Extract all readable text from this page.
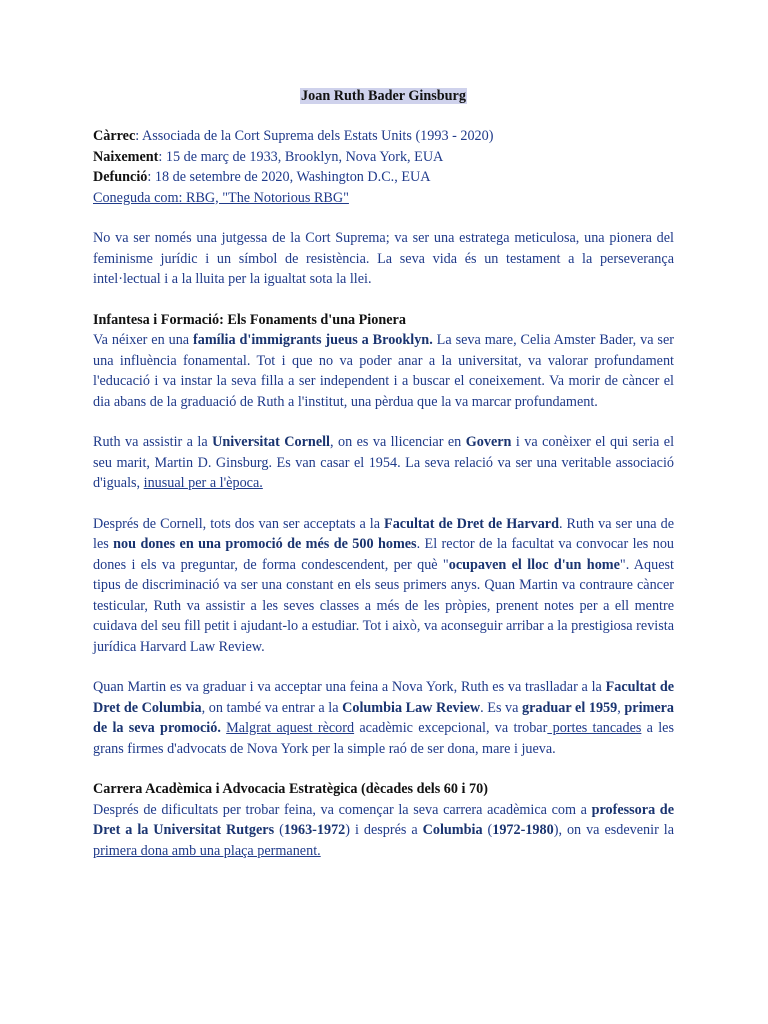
Joan Ruth Bader Ginsburg

Càrrec: Associada de la Cort Suprema dels Estats Units (1993 - 2020)

Naixement: 15 de març de 1933, Brooklyn, Nova York, EUA

Defunció: 18 de setembre de 2020, Washington D.C., EUA

Coneguda com: RBG, "The Notorious RBG"

No va ser només una jutgessa de la Cort Suprema; va ser una estratega meticulosa, una pionera del feminisme jurídic i un símbol de resistència. La seva vida és un testament a la perseverança intel·lectual i a la lluita per la igualtat sota la llei.

Infantesa i Formació: Els Fonaments d'una Pionera

Va néixer en una família d'immigrants jueus a Brooklyn. La seva mare, Celia Amster Bader, va ser una influència fonamental. Tot i que no va poder anar a la universitat, va valorar profundament l'educació i va instar la seva filla a ser independent i a buscar el coneixement. Va morir de càncer el dia abans de la graduació de Ruth a l'institut, una pèrdua que la va marcar profundament.

Ruth va assistir a la Universitat Cornell, on es va llicenciar en Govern i va conèixer el qui seria el seu marit, Martin D. Ginsburg. Es van casar el 1954. La seva relació va ser una veritable associació d'iguals, inusual per a l'època.

Després de Cornell, tots dos van ser acceptats a la Facultat de Dret de Harvard. Ruth va ser una de les nou dones en una promoció de més de 500 homes. El rector de la facultat va convocar les nou dones i els va preguntar, de forma condescendent, per què "ocupaven el lloc d'un home". Aquest tipus de discriminació va ser una constant en els seus primers anys. Quan Martin va contraure càncer testicular, Ruth va assistir a les seves classes a més de les pròpies, prenent notes per a ell mentre cuidava del seu fill petit i ajudant-lo a estudiar. Tot i això, va aconseguir arribar a la prestigiosa revista jurídica Harvard Law Review.

Quan Martin es va graduar i va acceptar una feina a Nova York, Ruth es va traslladar a la Facultat de Dret de Columbia, on també va entrar a la Columbia Law Review. Es va graduar el 1959, primera de la seva promoció. Malgrat aquest rècord acadèmic excepcional, va trobar portes tancades a les grans firmes d'advocats de Nova York per la simple raó de ser dona, mare i jueva.

Carrera Acadèmica i Advocacia Estratègica (dècades dels 60 i 70)

Després de dificultats per trobar feina, va començar la seva carrera acadèmica com a professora de Dret a la Universitat Rutgers (1963-1972) i després a Columbia (1972-1980), on va esdevenir la primera dona amb una plaça permanent.
